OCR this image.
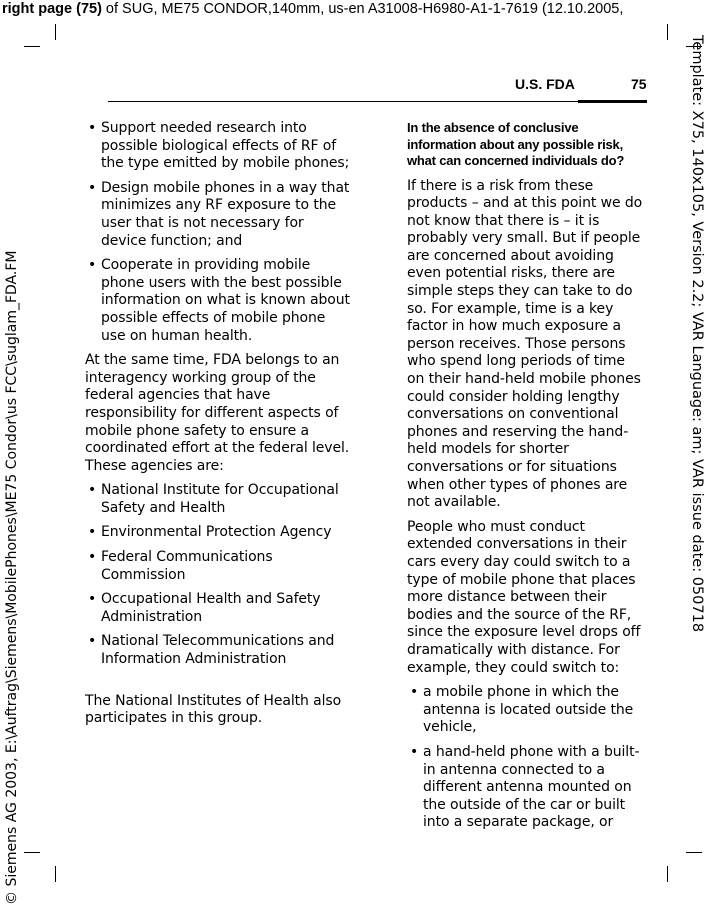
right page (75) of SUG, ME75 CONDOR,140mm, us-en A31008-H6980-A1-1-7619 (12.10.2005,
Template: X75, 140x105, Version 2.2; VAR Language: am; VAR issue date: 050718
© Siemens AG 2003, E:\Auftrag\Siemens\MobilePhones\ME75 Condor\us FCC\suglam_FDA.FM
U.S. FDA	75
• Support needed research into possible biological effects of RF of the type emitted by mobile phones;
• Design mobile phones in a way that minimizes any RF exposure to the user that is not necessary for device function; and
• Cooperate in providing mobile phone users with the best possible information on what is known about possible effects of mobile phone use on human health.

At the same time, FDA belongs to an interagency working group of the federal agencies that have responsibility for different aspects of mobile phone safety to ensure a coordinated effort at the federal level. These agencies are:

• National Institute for Occupational Safety and Health
• Environmental Protection Agency
• Federal Communications Commission
• Occupational Health and Safety Administration
• National Telecommunications and Information Administration

The National Institutes of Health also participates in this group.

In the absence of conclusive information about any possible risk, what can concerned individuals do?

If there is a risk from these products – and at this point we do not know that there is – it is probably very small. But if people are concerned about avoiding even potential risks, there are simple steps they can take to do so. For example, time is a key factor in how much exposure a person receives. Those persons who spend long periods of time on their hand-held mobile phones could consider holding lengthy conversations on conventional phones and reserving the hand-held models for shorter conversations or for situations when other types of phones are not available.

People who must conduct extended conversations in their cars every day could switch to a type of mobile phone that places more distance between their bodies and the source of the RF, since the exposure level drops off dramatically with distance. For example, they could switch to:

• a mobile phone in which the antenna is located outside the vehicle,
• a hand-held phone with a built-in antenna connected to a different antenna mounted on the outside of the car or built into a separate package, or
